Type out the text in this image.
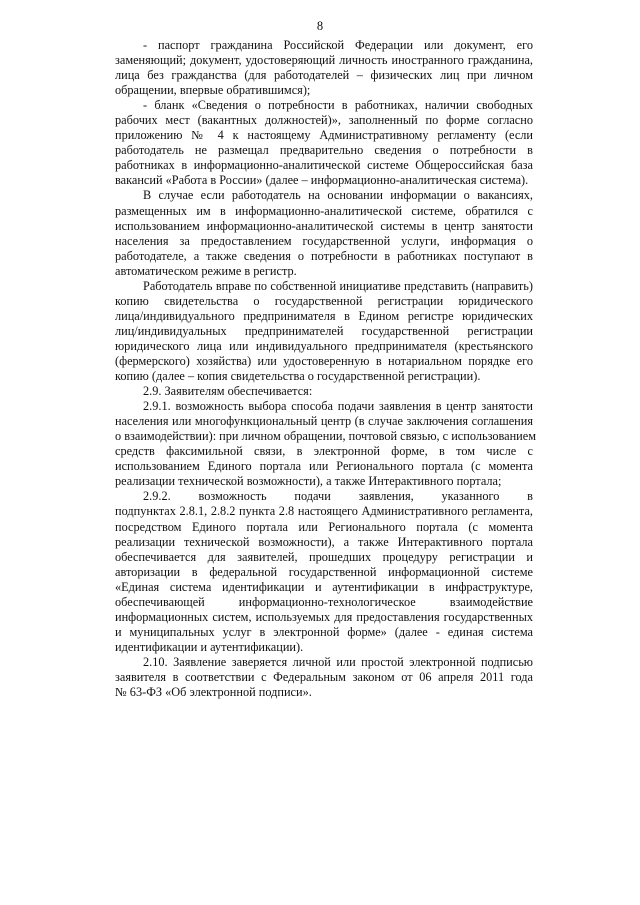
8
- паспорт гражданина Российской Федерации или документ, его
заменяющий; документ, удостоверяющий личность иностранного гражданина,
лица без гражданства (для работодателей – физических лиц при личном
обращении, впервые обратившимся);
- бланк «Сведения о потребности в работниках, наличии свободных
рабочих мест (вакантных должностей)», заполненный по форме согласно
приложению № 4 к настоящему Административному регламенту (если
работодатель не размещал предварительно сведения о потребности в
работниках в информационно-аналитической системе Общероссийская база
вакансий «Работа в России» (далее – информационно-аналитическая система).
В случае если работодатель на основании информации о вакансиях,
размещенных им в информационно-аналитической системе, обратился с
использованием информационно-аналитической системы в центр занятости
населения за предоставлением государственной услуги, информация о
работодателе, а также сведения о потребности в работниках поступают в
автоматическом режиме в регистр.
Работодатель вправе по собственной инициативе представить (направить)
копию свидетельства о государственной регистрации юридического
лица/индивидуального предпринимателя в Едином регистре юридических
лиц/индивидуальных предпринимателей государственной регистрации
юридического лица или индивидуального предпринимателя (крестьянского
(фермерского) хозяйства) или удостоверенную в нотариальном порядке его
копию (далее – копия свидетельства о государственной регистрации).
2.9. Заявителям обеспечивается:
2.9.1. возможность выбора способа подачи заявления в центр занятости
населения или многофункциональный центр (в случае заключения соглашения
о взаимодействии): при личном обращении, почтовой связью, с использованием
средств факсимильной связи, в электронной форме, в том числе с
использованием Единого портала или Регионального портала (с момента
реализации технической возможности), а также Интерактивного портала;
2.9.2. возможность подачи заявления, указанного в
подпунктах 2.8.1, 2.8.2 пункта 2.8 настоящего Административного регламента,
посредством Единого портала или Регионального портала (с момента
реализации технической возможности), а также Интерактивного портала
обеспечивается для заявителей, прошедших процедуру регистрации и
авторизации в федеральной государственной информационной системе
«Единая система идентификации и аутентификации в инфраструктуре,
обеспечивающей информационно-технологическое взаимодействие
информационных систем, используемых для предоставления государственных
и муниципальных услуг в электронной форме» (далее - единая система
идентификации и аутентификации).
2.10. Заявление заверяется личной или простой электронной подписью
заявителя в соответствии с Федеральным законом от 06 апреля 2011 года
№ 63-ФЗ «Об электронной подписи».
